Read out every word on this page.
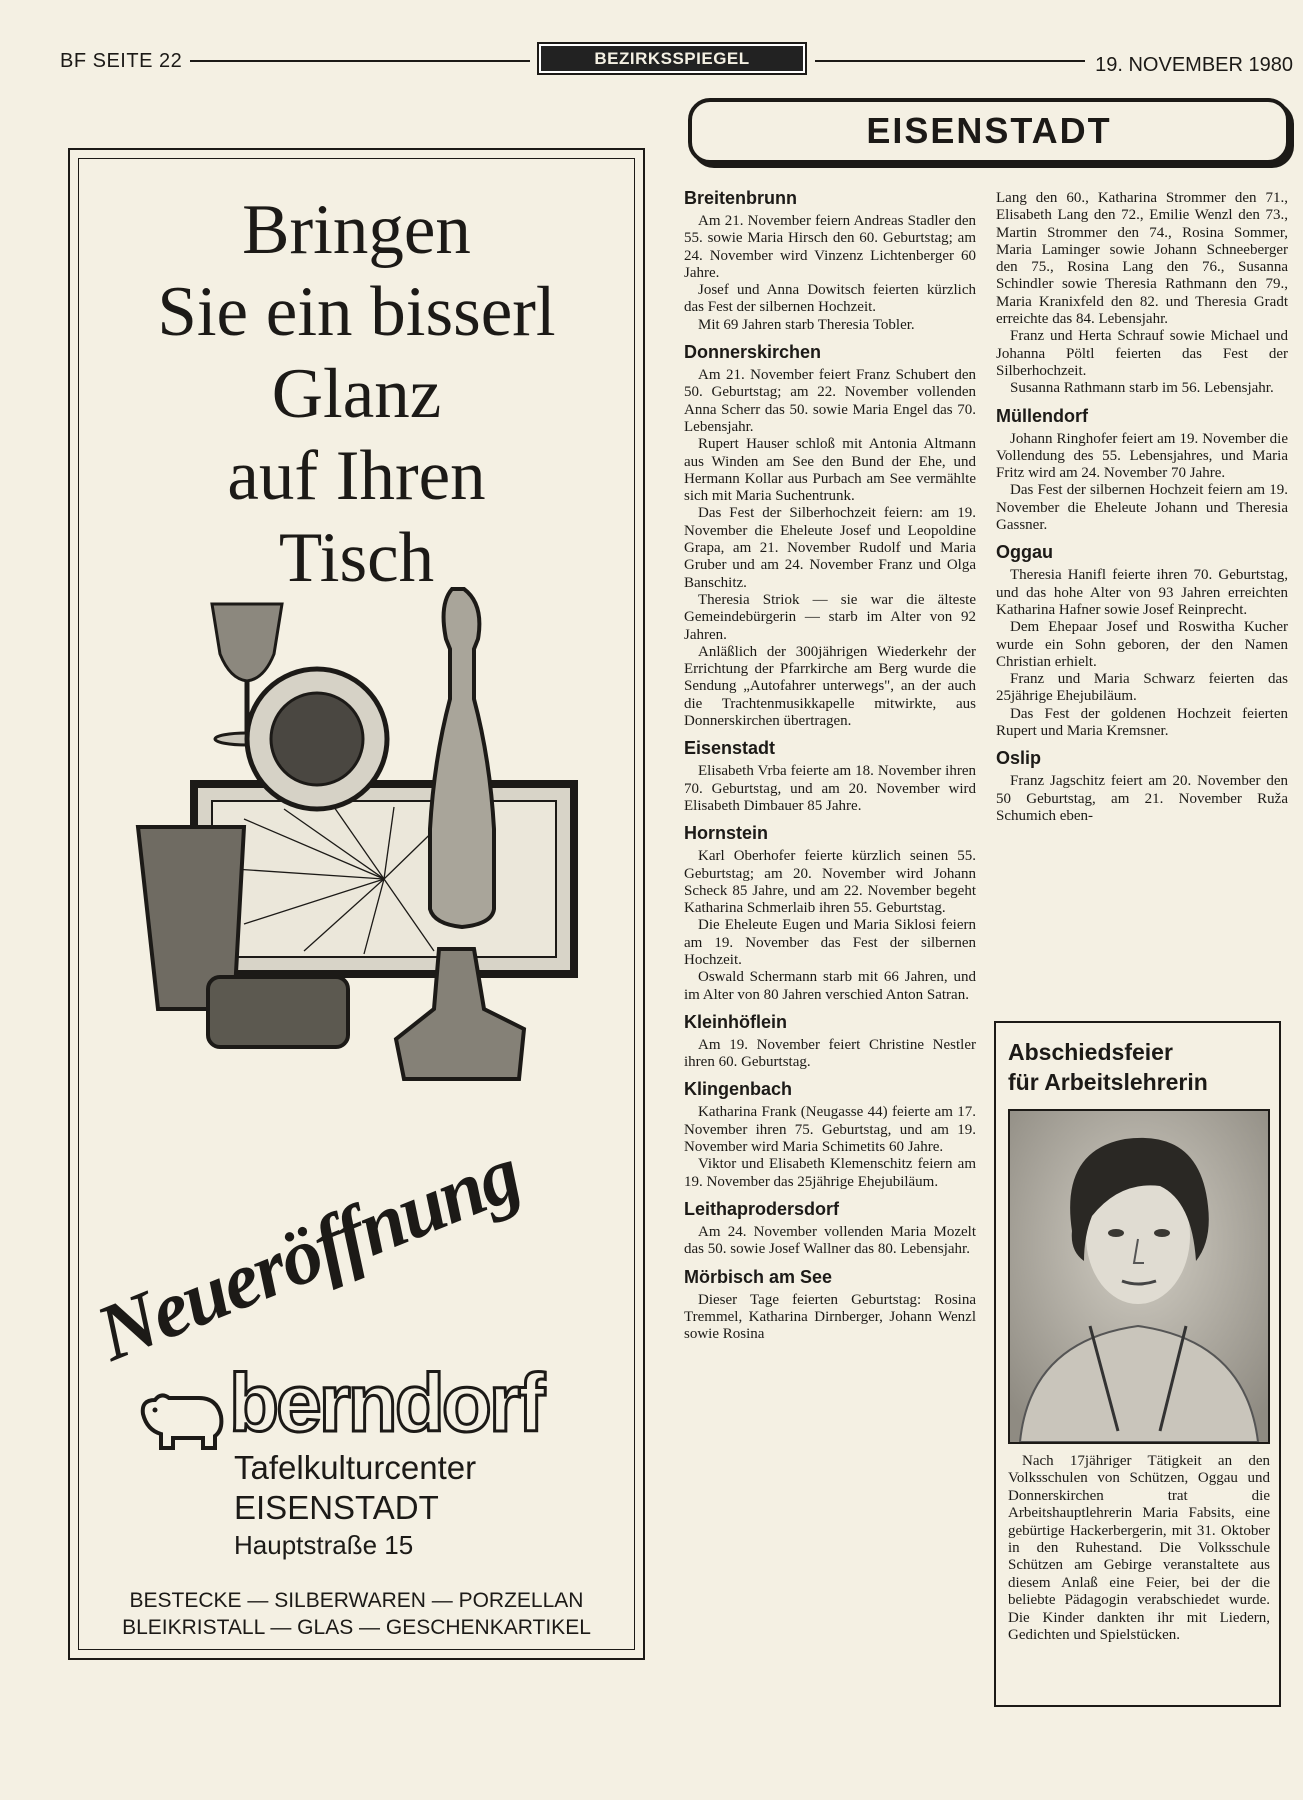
BF SEITE 22	BEZIRKSSPIEGEL	19. NOVEMBER 1980
EISENSTADT
Bringen
Sie ein bisserl
Glanz
auf Ihren
Tisch
Neueröffnung
berndorf
Tafelkulturcenter
EISENSTADT
Hauptstraße 15
BESTECKE — SILBERWAREN — PORZELLAN
BLEIKRISTALL — GLAS — GESCHENKARTIKEL
Breitenbrunn

Am 21. November feiern Andreas Stadler den 55. sowie Maria Hirsch den 60. Geburtstag; am 24. November wird Vinzenz Lichtenberger 60 Jahre.

Josef und Anna Dowitsch feierten kürzlich das Fest der silbernen Hochzeit.

Mit 69 Jahren starb Theresia Tobler.

Donnerskirchen

Am 21. November feiert Franz Schubert den 50. Geburtstag; am 22. November vollenden Anna Scherr das 50. sowie Maria Engel das 70. Lebensjahr.

Rupert Hauser schloß mit Antonia Altmann aus Winden am See den Bund der Ehe, und Hermann Kollar aus Purbach am See vermählte sich mit Maria Suchentrunk.

Das Fest der Silberhochzeit feiern: am 19. November die Eheleute Josef und Leopoldine Grapa, am 21. November Rudolf und Maria Gruber und am 24. November Franz und Olga Banschitz.

Theresia Striok — sie war die älteste Gemeindebürgerin — starb im Alter von 92 Jahren.

Anläßlich der 300jährigen Wiederkehr der Errichtung der Pfarrkirche am Berg wurde die Sendung „Autofahrer unterwegs", an der auch die Trachtenmusikkapelle mitwirkte, aus Donnerskirchen übertragen.

Eisenstadt

Elisabeth Vrba feierte am 18. November ihren 70. Geburtstag, und am 20. November wird Elisabeth Dimbauer 85 Jahre.

Hornstein

Karl Oberhofer feierte kürzlich seinen 55. Geburtstag; am 20. November wird Johann Scheck 85 Jahre, und am 22. November begeht Katharina Schmerlaib ihren 55. Geburtstag.

Die Eheleute Eugen und Maria Siklosi feiern am 19. November das Fest der silbernen Hochzeit.

Oswald Schermann starb mit 66 Jahren, und im Alter von 80 Jahren verschied Anton Satran.

Kleinhöflein

Am 19. November feiert Christine Nestler ihren 60. Geburtstag.

Klingenbach

Katharina Frank (Neugasse 44) feierte am 17. November ihren 75. Geburtstag, und am 19. November wird Maria Schimetits 60 Jahre.

Viktor und Elisabeth Klemenschitz feiern am 19. November das 25jährige Ehejubiläum.

Leithaprodersdorf

Am 24. November vollenden Maria Mozelt das 50. sowie Josef Wallner das 80. Lebensjahr.

Mörbisch am See

Dieser Tage feierten Geburtstag: Rosina Tremmel, Katharina Dirnberger, Johann Wenzl sowie Rosina

Lang den 60., Katharina Strommer den 71., Elisabeth Lang den 72., Emilie Wenzl den 73., Martin Strommer den 74., Rosina Sommer, Maria Laminger sowie Johann Schneeberger den 75., Rosina Lang den 76., Susanna Schindler sowie Theresia Rathmann den 79., Maria Kranixfeld den 82. und Theresia Gradt erreichte das 84. Lebensjahr.

Franz und Herta Schrauf sowie Michael und Johanna Pöltl feierten das Fest der Silberhochzeit.

Susanna Rathmann starb im 56. Lebensjahr.

Müllendorf

Johann Ringhofer feiert am 19. November die Vollendung des 55. Lebensjahres, und Maria Fritz wird am 24. November 70 Jahre.

Das Fest der silbernen Hochzeit feiern am 19. November die Eheleute Johann und Theresia Gassner.

Oggau

Theresia Hanifl feierte ihren 70. Geburtstag, und das hohe Alter von 93 Jahren erreichten Katharina Hafner sowie Josef Reinprecht.

Dem Ehepaar Josef und Roswitha Kucher wurde ein Sohn geboren, der den Namen Christian erhielt.

Franz und Maria Schwarz feierten das 25jährige Ehejubiläum.

Das Fest der goldenen Hochzeit feierten Rupert und Maria Kremsner.

Oslip

Franz Jagschitz feiert am 20. November den 50 Geburtstag, am 21. November Ruža Schumich eben-

Abschiedsfeier
für Arbeitslehrerin

Nach 17jähriger Tätigkeit an den Volksschulen von Schützen, Oggau und Donnerskirchen trat die Arbeitshauptlehrerin Maria Fabsits, eine gebürtige Hackerbergerin, mit 31. Oktober in den Ruhestand. Die Volksschule Schützen am Gebirge veranstaltete aus diesem Anlaß eine Feier, bei der die beliebte Pädagogin verabschiedet wurde. Die Kinder dankten ihr mit Liedern, Gedichten und Spielstücken.
